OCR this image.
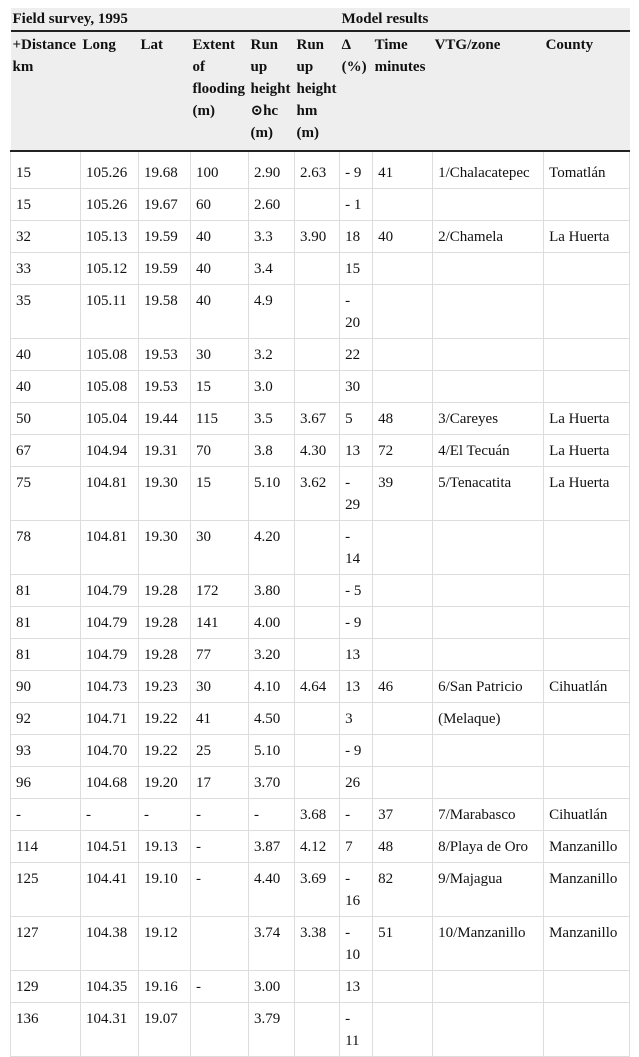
Field survey, 1995						Model results			
+Distance km	Long	Lat	Extent of flooding (m)	Run up height ⊙hc (m)	Run up height hm (m)	Δ (%)	Time minutes	VTG/zone	County
15	105.26	19.68	100	2.90	2.63	- 9	41	1/Chalacatepec	Tomatlán
15	105.26	19.67	60	2.60		- 1			
32	105.13	19.59	40	3.3	3.90	18	40	2/Chamela	La Huerta
33	105.12	19.59	40	3.4		15			
35	105.11	19.58	40	4.9		- 20			
40	105.08	19.53	30	3.2		22			
40	105.08	19.53	15	3.0		30			
50	105.04	19.44	115	3.5	3.67	5	48	3/Careyes	La Huerta
67	104.94	19.31	70	3.8	4.30	13	72	4/El Tecuán	La Huerta
75	104.81	19.30	15	5.10	3.62	- 29	39	5/Tenacatita	La Huerta
78	104.81	19.30	30	4.20		- 14			
81	104.79	19.28	172	3.80		- 5			
81	104.79	19.28	141	4.00		- 9			
81	104.79	19.28	77	3.20		13			
90	104.73	19.23	30	4.10	4.64	13	46	6/San Patricio	Cihuatlán
92	104.71	19.22	41	4.50		3		(Melaque)	
93	104.70	19.22	25	5.10		- 9			
96	104.68	19.20	17	3.70		26			
-	-	-	-	-	3.68	-	37	7/Marabasco	Cihuatlán
114	104.51	19.13	-	3.87	4.12	7	48	8/Playa de Oro	Manzanillo
125	104.41	19.10	-	4.40	3.69	- 16	82	9/Majagua	Manzanillo
127	104.38	19.12		3.74	3.38	- 10	51	10/Manzanillo	Manzanillo
129	104.35	19.16	-	3.00		13			
136	104.31	19.07		3.79		- 11			
